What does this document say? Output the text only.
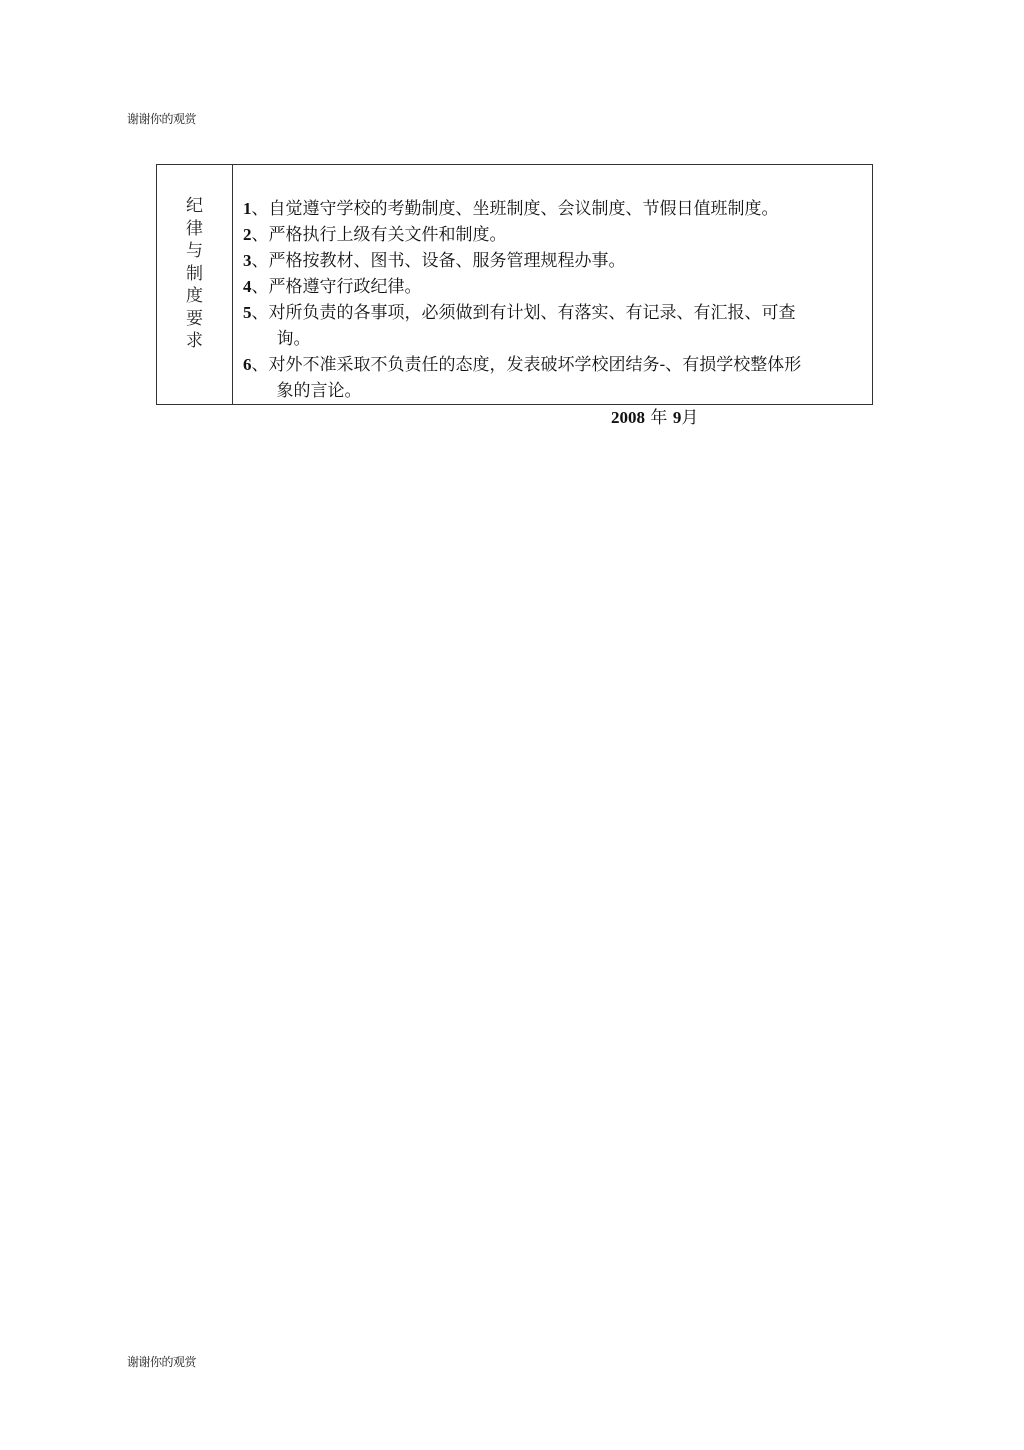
谢谢你的观赏
纪
律
与
制
度
要
求
1 、 自觉遵守学校的考勤制度、坐班制度、会议制度、节假日值班制度。
2 、 严格执行上级有关文件和制度。
3 、 严格按教材、图书、设备、服务管理规程办事。
4 、 严格遵守行政纪律。
5 、 对所负责的各事项，必须做到有计划、有落实、有记录、有汇报、可查
询。
6 、 对外不准采取不负责任的态度，发表破坏学校团结务-、有损学校整体形
象的言论。
2008 年 9月
谢谢你的观赏
